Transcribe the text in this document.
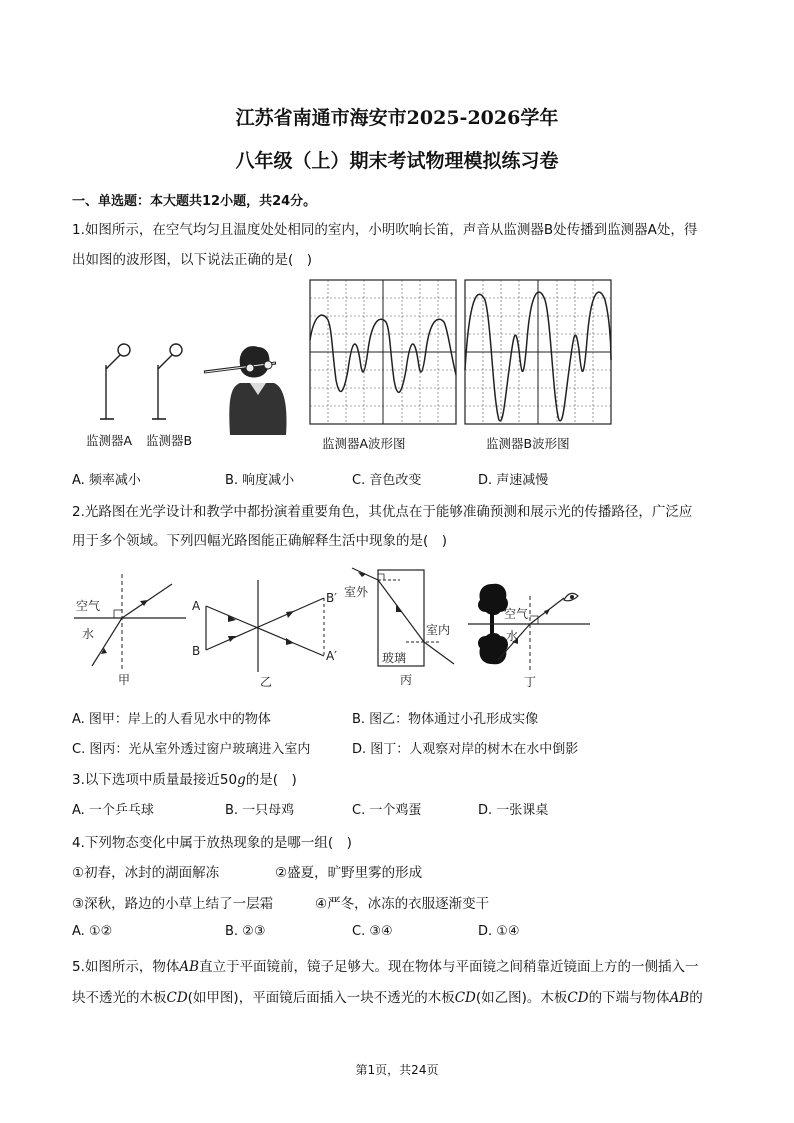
江苏省南通市海安市2025-2026学年
八年级（上）期末考试物理模拟练习卷
一、单选题：本大题共12小题，共24分。
1.如图所示，在空气均匀且温度处处相同的室内，小明吹响长笛，声音从监测器B处传播到监测器A处，得
出如图的波形图，以下说法正确的是(　)
监测器A 监测器B	监测器A波形图	监测器B波形图
A. 频率减小	B. 响度减小	C. 音色改变	D. 声速减慢
2.光路图在光学设计和教学中都扮演着重要角色，其优点在于能够准确预测和展示光的传播路径，广泛应
用于多个领域。下列四幅光路图能正确解释生活中现象的是(　)
空气
水
甲
A
B
B′
A′
乙
室外
室内
玻璃
丙
空气
水
丁
A. 图甲：岸上的人看见水中的物体	B. 图乙：物体通过小孔形成实像
C. 图丙：光从室外透过窗户玻璃进入室内	D. 图丁：人观察对岸的树木在水中倒影
3.以下选项中质量最接近50g的是(　)
A. 一个乒乓球	B. 一只母鸡	C. 一个鸡蛋	D. 一张课桌
4.下列物态变化中属于放热现象的是哪一组(　)
①初春，冰封的湖面解冻	②盛夏，旷野里雾的形成
③深秋，路边的小草上结了一层霜	④严冬，冰冻的衣服逐渐变干
A. ①②	B. ②③	C. ③④	D. ①④
5.如图所示，物体AB直立于平面镜前，镜子足够大。现在物体与平面镜之间稍靠近镜面上方的一侧插入一
块不透光的木板CD(如甲图)，平面镜后面插入一块不透光的木板CD(如乙图)。木板CD的下端与物体AB的
第1页，共24页
